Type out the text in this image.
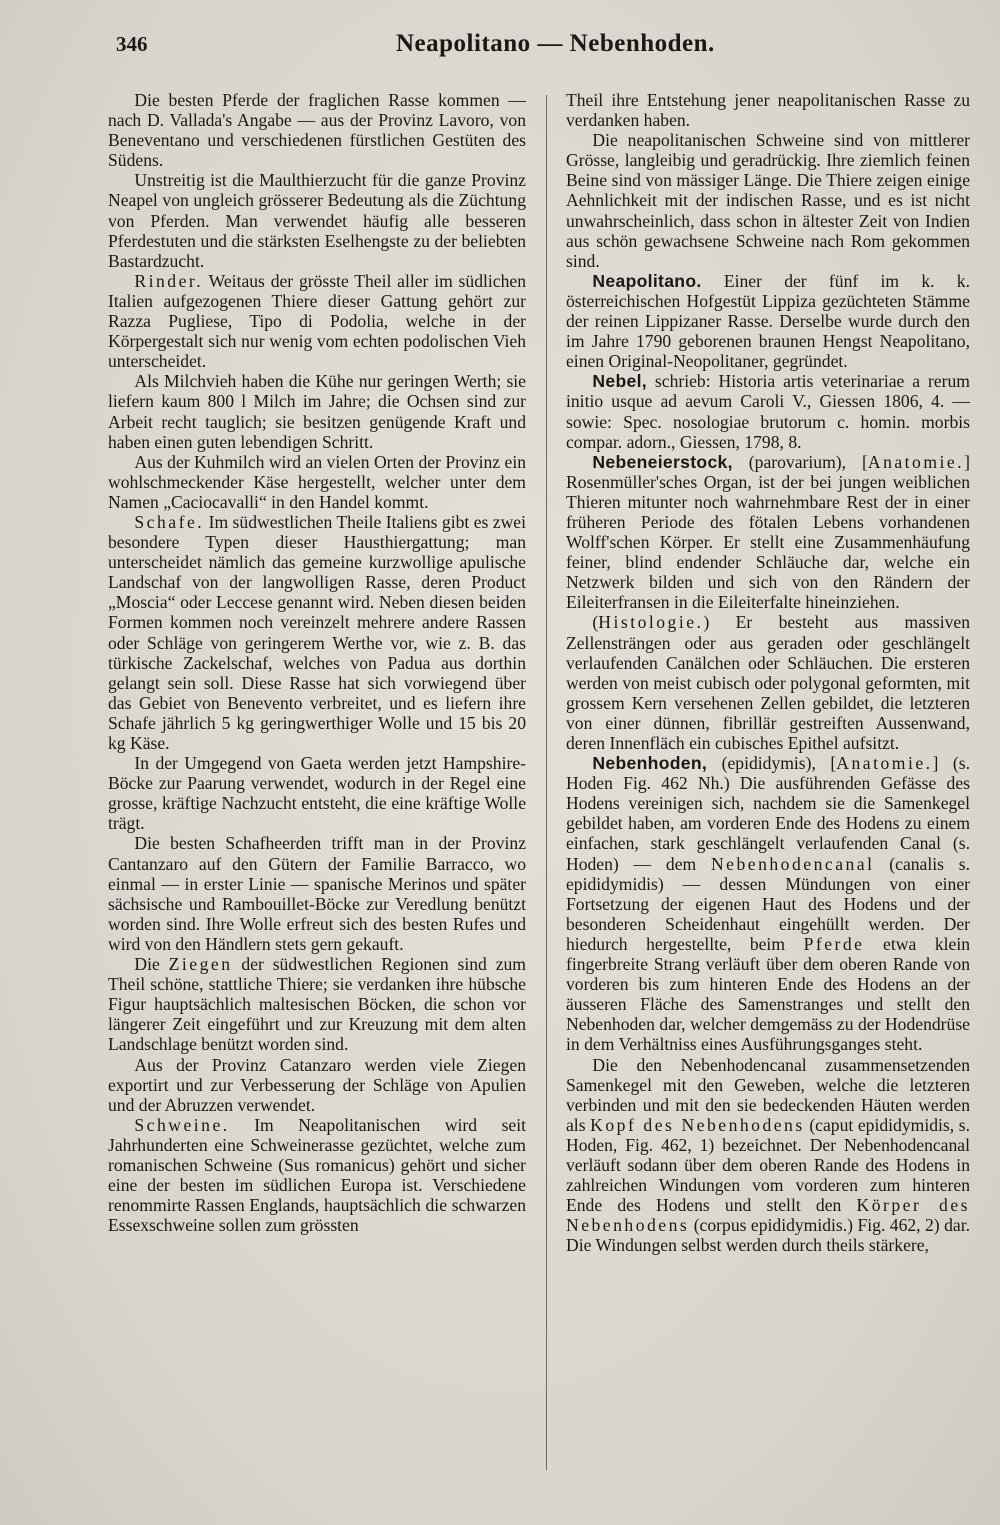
346	Neapolitano — Nebenhoden.

Die besten Pferde der fraglichen Rasse kommen — nach D. Vallada's Angabe — aus der Provinz Lavoro, von Beneventano und verschiedenen fürstlichen Gestüten des Südens.

Unstreitig ist die Maulthierzucht für die ganze Provinz Neapel von ungleich grösserer Bedeutung als die Züchtung von Pferden. Man verwendet häufig alle besseren Pferdestuten und die stärksten Eselhengste zu der beliebten Bastardzucht.

Rinder. Weitaus der grösste Theil aller im südlichen Italien aufgezogenen Thiere dieser Gattung gehört zur Razza Pugliese, Tipo di Podolia, welche in der Körpergestalt sich nur wenig vom echten podolischen Vieh unterscheidet.

Als Milchvieh haben die Kühe nur geringen Werth; sie liefern kaum 800 l Milch im Jahre; die Ochsen sind zur Arbeit recht tauglich; sie besitzen genügende Kraft und haben einen guten lebendigen Schritt.

Aus der Kuhmilch wird an vielen Orten der Provinz ein wohlschmeckender Käse hergestellt, welcher unter dem Namen „Caciocavalli“ in den Handel kommt.

Schafe. Im südwestlichen Theile Italiens gibt es zwei besondere Typen dieser Hausthiergattung; man unterscheidet nämlich das gemeine kurzwollige apulische Landschaf von der langwolligen Rasse, deren Product „Moscia“ oder Leccese genannt wird. Neben diesen beiden Formen kommen noch vereinzelt mehrere andere Rassen oder Schläge von geringerem Werthe vor, wie z. B. das türkische Zackelschaf, welches von Padua aus dorthin gelangt sein soll. Diese Rasse hat sich vorwiegend über das Gebiet von Benevento verbreitet, und es liefern ihre Schafe jährlich 5 kg geringwerthiger Wolle und 15 bis 20 kg Käse.

In der Umgegend von Gaeta werden jetzt Hampshire-Böcke zur Paarung verwendet, wodurch in der Regel eine grosse, kräftige Nachzucht entsteht, die eine kräftige Wolle trägt.

Die besten Schafheerden trifft man in der Provinz Cantanzaro auf den Gütern der Familie Barracco, wo einmal — in erster Linie — spanische Merinos und später sächsische und Rambouillet-Böcke zur Veredlung benützt worden sind. Ihre Wolle erfreut sich des besten Rufes und wird von den Händlern stets gern gekauft.

Die Ziegen der südwestlichen Regionen sind zum Theil schöne, stattliche Thiere; sie verdanken ihre hübsche Figur hauptsächlich maltesischen Böcken, die schon vor längerer Zeit eingeführt und zur Kreuzung mit dem alten Landschlage benützt worden sind.

Aus der Provinz Catanzaro werden viele Ziegen exportirt und zur Verbesserung der Schläge von Apulien und der Abruzzen verwendet.

Schweine. Im Neapolitanischen wird seit Jahrhunderten eine Schweinerasse gezüchtet, welche zum romanischen Schweine (Sus romanicus) gehört und sicher eine der besten im südlichen Europa ist. Verschiedene renommirte Rassen Englands, hauptsächlich die schwarzen Essexschweine sollen zum grössten

Theil ihre Entstehung jener neapolitanischen Rasse zu verdanken haben.

Die neapolitanischen Schweine sind von mittlerer Grösse, langleibig und geradrückig. Ihre ziemlich feinen Beine sind von mässiger Länge. Die Thiere zeigen einige Aehnlichkeit mit der indischen Rasse, und es ist nicht unwahrscheinlich, dass schon in ältester Zeit von Indien aus schön gewachsene Schweine nach Rom gekommen sind.

Neapolitano. Einer der fünf im k. k. österreichischen Hofgestüt Lippiza gezüchteten Stämme der reinen Lippizaner Rasse. Derselbe wurde durch den im Jahre 1790 geborenen braunen Hengst Neapolitano, einen Original-Neopolitaner, gegründet.

Nebel, schrieb: Historia artis veterinariae a rerum initio usque ad aevum Caroli V., Giessen 1806, 4. — sowie: Spec. nosologiae brutorum c. homin. morbis compar. adorn., Giessen, 1798, 8.

Nebeneierstock, (parovarium), [Anatomie.] Rosenmüller'sches Organ, ist der bei jungen weiblichen Thieren mitunter noch wahrnehmbare Rest der in einer früheren Periode des fötalen Lebens vorhandenen Wolff'schen Körper. Er stellt eine Zusammenhäufung feiner, blind endender Schläuche dar, welche ein Netzwerk bilden und sich von den Rändern der Eileiterfransen in die Eileiterfalte hineinziehen.

(Histologie.) Er besteht aus massiven Zellensträngen oder aus geraden oder geschlängelt verlaufenden Canälchen oder Schläuchen. Die ersteren werden von meist cubisch oder polygonal geformten, mit grossem Kern versehenen Zellen gebildet, die letzteren von einer dünnen, fibrillär gestreiften Aussenwand, deren Innenfläch ein cubisches Epithel aufsitzt.

Nebenhoden, (epididymis), [Anatomie.] (s. Hoden Fig. 462 Nh.) Die ausführenden Gefässe des Hodens vereinigen sich, nachdem sie die Samenkegel gebildet haben, am vorderen Ende des Hodens zu einem einfachen, stark geschlängelt verlaufenden Canal (s. Hoden) — dem Nebenhodencanal (canalis s. epididymidis) — dessen Mündungen von einer Fortsetzung der eigenen Haut des Hodens und der besonderen Scheidenhaut eingehüllt werden. Der hiedurch hergestellte, beim Pferde etwa klein fingerbreite Strang verläuft über dem oberen Rande von vorderen bis zum hinteren Ende des Hodens an der äusseren Fläche des Samenstranges und stellt den Nebenhoden dar, welcher demgemäss zu der Hodendrüse in dem Verhältniss eines Ausführungsganges steht.

Die den Nebenhodencanal zusammensetzenden Samenkegel mit den Geweben, welche die letzteren verbinden und mit den sie bedeckenden Häuten werden als Kopf des Nebenhodens (caput epididymidis, s. Hoden, Fig. 462, 1) bezeichnet. Der Nebenhodencanal verläuft sodann über dem oberen Rande des Hodens in zahlreichen Windungen vom vorderen zum hinteren Ende des Hodens und stellt den Körper des Nebenhodens (corpus epididymidis.) Fig. 462, 2) dar. Die Windungen selbst werden durch theils stärkere,
